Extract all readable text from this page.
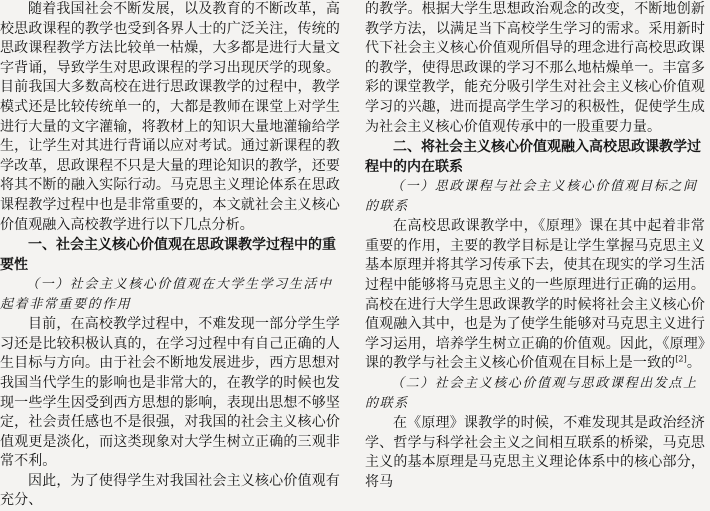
随着我国社会不断发展，以及教育的不断改革，高校思政课程的教学也受到各界人士的广泛关注，传统的思政课程教学方法比较单一枯燥，大多都是进行大量文字背诵，导致学生对思政课程的学习出现厌学的现象。目前我国大多数高校在进行思政课教学的过程中，教学模式还是比较传统单一的，大都是教师在课堂上对学生进行大量的文字灌输，将教材上的知识大量地灌输给学生，让学生对其进行背诵以应对考试。通过新课程的教学改革，思政课程不只是大量的理论知识的教学，还要将其不断的融入实际行动。马克思主义理论体系在思政课程教学过程中也是非常重要的，本文就社会主义核心价值观融入高校教学进行以下几点分析。

一、社会主义核心价值观在思政课教学过程中的重要性

（一）社会主义核心价值观在大学生学习生活中起着非常重要的作用

目前，在高校教学过程中，不难发现一部分学生学习还是比较积极认真的，在学习过程中有自己正确的人生目标与方向。由于社会不断地发展进步，西方思想对我国当代学生的影响也是非常大的，在教学的时候也发现一些学生因受到西方思想的影响，表现出思想不够坚定，社会责任感也不是很强，对我国的社会主义核心价值观更是淡化，而这类现象对大学生树立正确的三观非常不利。

因此，为了使得学生对我国社会主义核心价值观有充分、

的教学。根据大学生思想政治观念的改变，不断地创新教学方法，以满足当下高校学生学习的需求。采用新时代下社会主义核心价值观所倡导的理念进行高校思政课的教学，使得思政课的学习不那么地枯燥单一。丰富多彩的课堂教学，能充分吸引学生对社会主义核心价值观学习的兴趣，进而提高学生学习的积极性，促使学生成为社会主义核心价值观传承中的一股重要力量。

二、将社会主义核心价值观融入高校思政课教学过程中的内在联系

（一）思政课程与社会主义核心价值观目标之间的联系

在高校思政课教学中，《原理》课在其中起着非常重要的作用，主要的教学目标是让学生掌握马克思主义基本原理并将其学习传承下去，使其在现实的学习生活过程中能够将马克思主义的一些原理进行正确的运用。高校在进行大学生思政课教学的时候将社会主义核心价值观融入其中，也是为了使学生能够对马克思主义进行学习运用，培养学生树立正确的价值观。因此，《原理》课的教学与社会主义核心价值观在目标上是一致的[2]。

（二）社会主义核心价值观与思政课程出发点上的联系

在《原理》课教学的时候，不难发现其是政治经济学、哲学与科学社会主义之间相互联系的桥梁，马克思主义的基本原理是马克思主义理论体系中的核心部分，将马
